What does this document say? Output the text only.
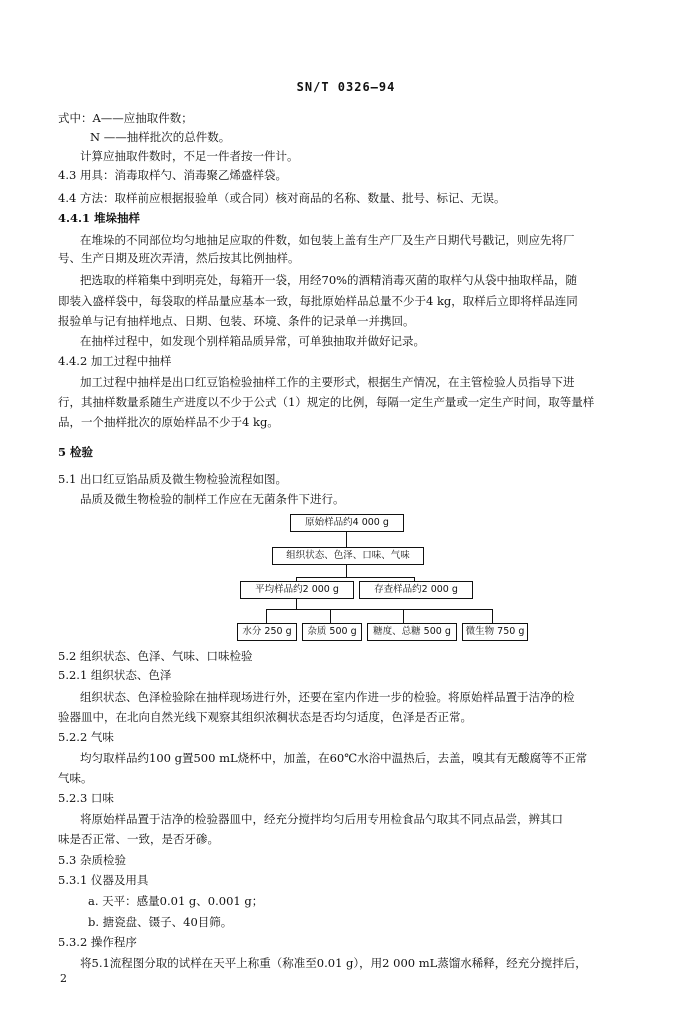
SN/T 0326—94
式中：A——应抽取件数；
N ——抽样批次的总件数。
计算应抽取件数时，不足一件者按一件计。
4.3 用具：消毒取样勺、消毒聚乙烯盛样袋。
4.4 方法：取样前应根据报验单（或合同）核对商品的名称、数量、批号、标记、无误。
4.4.1 堆垛抽样
在堆垛的不同部位均匀地抽足应取的件数，如包装上盖有生产厂及生产日期代号戳记，则应先将厂
号、生产日期及班次弄清，然后按其比例抽样。
把选取的样箱集中到明亮处，每箱开一袋，用经70%的酒精消毒灭菌的取样勺从袋中抽取样品，随
即装入盛样袋中，每袋取的样品量应基本一致，每批原始样品总量不少于4 kg，取样后立即将样品连同
报验单与记有抽样地点、日期、包装、环境、条件的记录单一并携回。
在抽样过程中，如发现个别样箱品质异常，可单独抽取并做好记录。
4.4.2 加工过程中抽样
加工过程中抽样是出口红豆馅检验抽样工作的主要形式，根据生产情况，在主管检验人员指导下进
行，其抽样数量系随生产进度以不少于公式（1）规定的比例，每隔一定生产量或一定生产时间，取等量样
品，一个抽样批次的原始样品不少于4 kg。
5 检验
5.1 出口红豆馅品质及微生物检验流程如图。
品质及微生物检验的制样工作应在无菌条件下进行。
原始样品约4 000 g
组织状态、色泽、口味、气味
平均样品约2 000 g	存查样品约2 000 g
水分 250 g	杂质 500 g	糖度、总糖 500 g	微生物 750 g
5.2 组织状态、色泽、气味、口味检验
5.2.1 组织状态、色泽
组织状态、色泽检验除在抽样现场进行外，还要在室内作进一步的检验。将原始样品置于洁净的检
验器皿中，在北向自然光线下观察其组织浓稠状态是否均匀适度，色泽是否正常。
5.2.2 气味
均匀取样品约100 g置500 mL烧杯中，加盖，在60℃水浴中温热后，去盖，嗅其有无酸腐等不正常
气味。
5.2.3 口味
将原始样品置于洁净的检验器皿中，经充分搅拌均匀后用专用检食品勺取其不同点品尝，辨其口
味是否正常、一致，是否牙碜。
5.3 杂质检验
5.3.1 仪器及用具
a. 天平：感量0.01 g、0.001 g；
b. 搪瓷盘、镊子、40目筛。
5.3.2 操作程序
将5.1流程图分取的试样在天平上称重（称准至0.01 g），用2 000 mL蒸馏水稀释，经充分搅拌后，
2
